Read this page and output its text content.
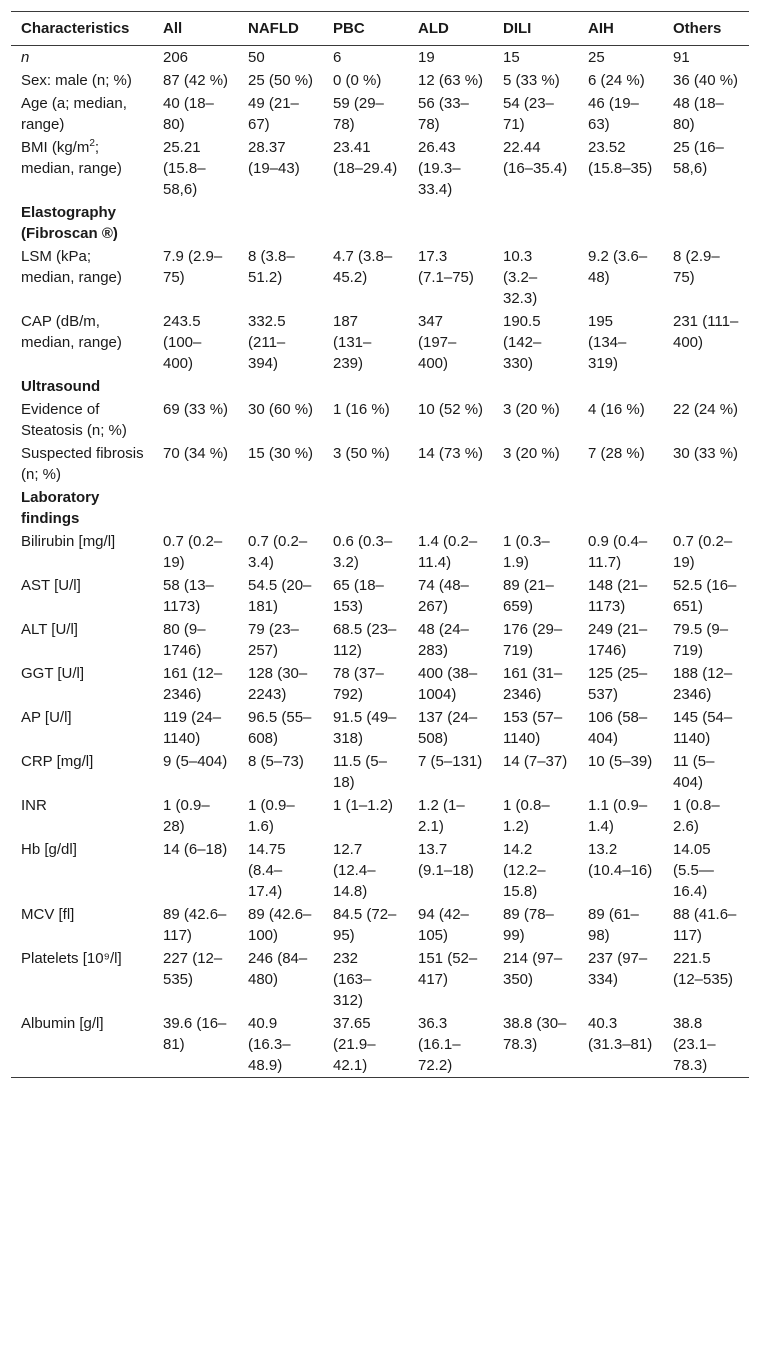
Characteristics	All	NAFLD	PBC	ALD	DILI	AIH	Others
n	206	50	6	19	15	25	91
Sex: male (n; %)	87 (42 %)	25 (50 %)	0 (0 %)	12 (63 %)	5 (33 %)	6 (24 %)	36 (40 %)
Age (a; median, range)	40 (18–80)	49 (21–67)	59 (29–78)	56 (33–78)	54 (23–71)	46 (19–63)	48 (18–80)
BMI ($kg/m^2$; median, range)	25.21 (15.8–58,6)	28.37 (19–43)	23.41 (18–29.4)	26.43 (19.3–33.4)	22.44 (16–35.4)	23.52 (15.8–35)	25 (16–58,6)
Elastography (Fibroscan ®)							
LSM (kPa; median, range)	7.9 (2.9–75)	8 (3.8–51.2)	4.7 (3.8–45.2)	17.3 (7.1–75)	10.3 (3.2–32.3)	9.2 (3.6–48)	8 (2.9–75)
CAP (dB/m, median, range)	243.5 (100–400)	332.5 (211–394)	187 (131–239)	347 (197–400)	190.5 (142–330)	195 (134–319)	231 (111–400)
Ultrasound							
Evidence of Steatosis (n; %)	69 (33 %)	30 (60 %)	1 (16 %)	10 (52 %)	3 (20 %)	4 (16 %)	22 (24 %)
Suspected fibrosis (n; %)	70 (34 %)	15 (30 %)	3 (50 %)	14 (73 %)	3 (20 %)	7 (28 %)	30 (33 %)
Laboratory findings							
Bilirubin [mg/l]	0.7 (0.2–19)	0.7 (0.2–3.4)	0.6 (0.3–3.2)	1.4 (0.2–11.4)	1 (0.3–1.9)	0.9 (0.4–11.7)	0.7 (0.2–19)
AST [U/l]	58 (13–1173)	54.5 (20–181)	65 (18–153)	74 (48–267)	89 (21–659)	148 (21–1173)	52.5 (16–651)
ALT [U/l]	80 (9–1746)	79 (23–257)	68.5 (23–112)	48 (24–283)	176 (29–719)	249 (21–1746)	79.5 (9–719)
GGT [U/l]	161 (12–2346)	128 (30–2243)	78 (37–792)	400 (38–1004)	161 (31–2346)	125 (25–537)	188 (12–2346)
AP [U/l]	119 (24–1140)	96.5 (55–608)	91.5 (49–318)	137 (24–508)	153 (57–1140)	106 (58–404)	145 (54–1140)
CRP [mg/l]	9 (5–404)	8 (5–73)	11.5 (5–18)	7 (5–131)	14 (7–37)	10 (5–39)	11 (5–404)
INR	1 (0.9–28)	1 (0.9–1.6)	1 (1–1.2)	1.2 (1–2.1)	1 (0.8–1.2)	1.1 (0.9–1.4)	1 (0.8–2.6)
Hb [g/dl]	14 (6–18)	14.75 (8.4–17.4)	12.7 (12.4–14.8)	13.7 (9.1–18)	14.2 (12.2–15.8)	13.2 (10.4–16)	14.05 (5.5—16.4)
MCV [fl]	89 (42.6–117)	89 (42.6–100)	84.5 (72–95)	94 (42–105)	89 (78–99)	89 (61–98)	88 (41.6–117)
Platelets [10⁹/l]	227 (12–535)	246 (84–480)	232 (163–312)	151 (52–417)	214 (97–350)	237 (97–334)	221.5 (12–535)
Albumin [g/l]	39.6 (16–81)	40.9 (16.3–48.9)	37.65 (21.9–42.1)	36.3 (16.1–72.2)	38.8 (30–78.3)	40.3 (31.3–81)	38.8 (23.1–78.3)
